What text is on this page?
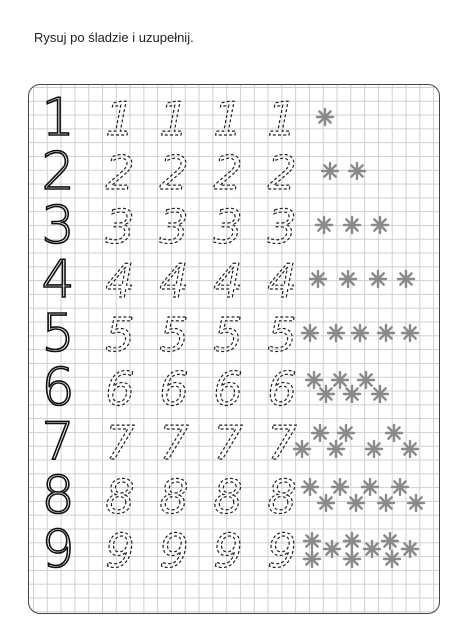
Rysuj po śladzie i uzupełnij.
1 1 1 1 1
2 2 2 2 2
3 3 3 3 3
4 4 4 4 4
5 5 5 5 5
6 6 6 6 6
7 7 7 7 7
8 8 8 8 8
9 9 9 9 9
